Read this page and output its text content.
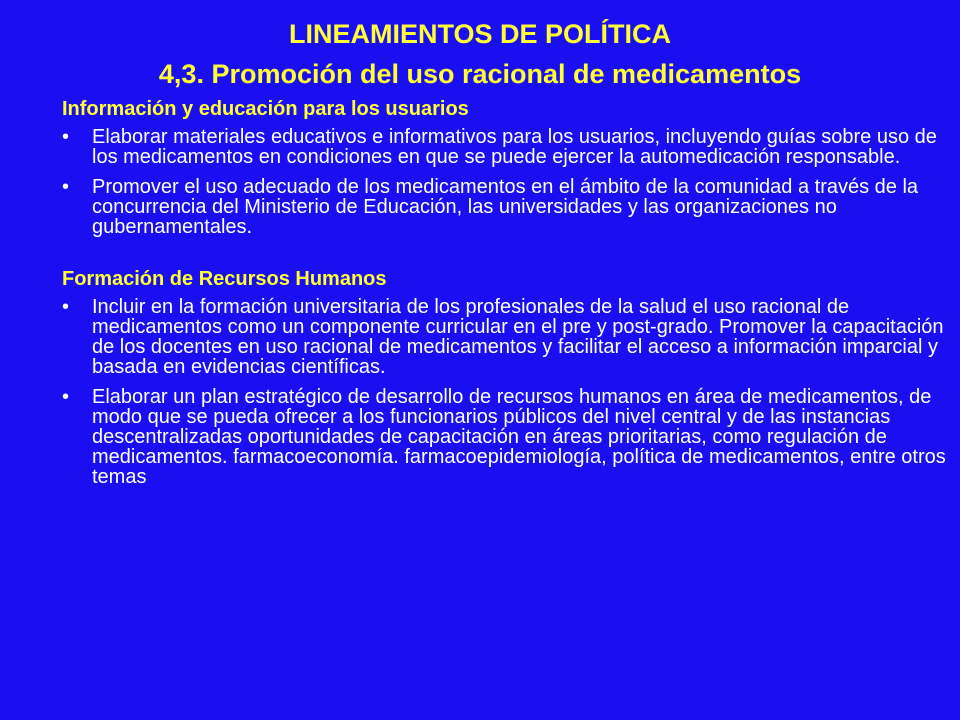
LINEAMIENTOS DE POLÍTICA
4,3. Promoción del uso racional de medicamentos

Información y educación para los usuarios

• Elaborar materiales educativos e informativos para los usuarios, incluyendo guías sobre uso de los medicamentos en condiciones en que se puede ejercer la automedicación responsable.
• Promover el uso adecuado de los medicamentos en el ámbito de la comunidad a través de la concurrencia del Ministerio de Educación, las universidades y las organizaciones no gubernamentales.

Formación de Recursos Humanos

• Incluir en la formación universitaria de los profesionales de la salud el uso racional de medicamentos como un componente curricular en el pre y post-grado. Promover la capacitación de los docentes en uso racional de medicamentos y facilitar el acceso a información imparcial y basada en evidencias científicas.
• Elaborar un plan estratégico de desarrollo de recursos humanos en área de medicamentos, de modo que se pueda ofrecer a los funcionarios públicos del nivel central y de las instancias descentralizadas oportunidades de capacitación en áreas prioritarias, como regulación de medicamentos. farmacoeconomía. farmacoepidemiología, política de medicamentos, entre otros temas
